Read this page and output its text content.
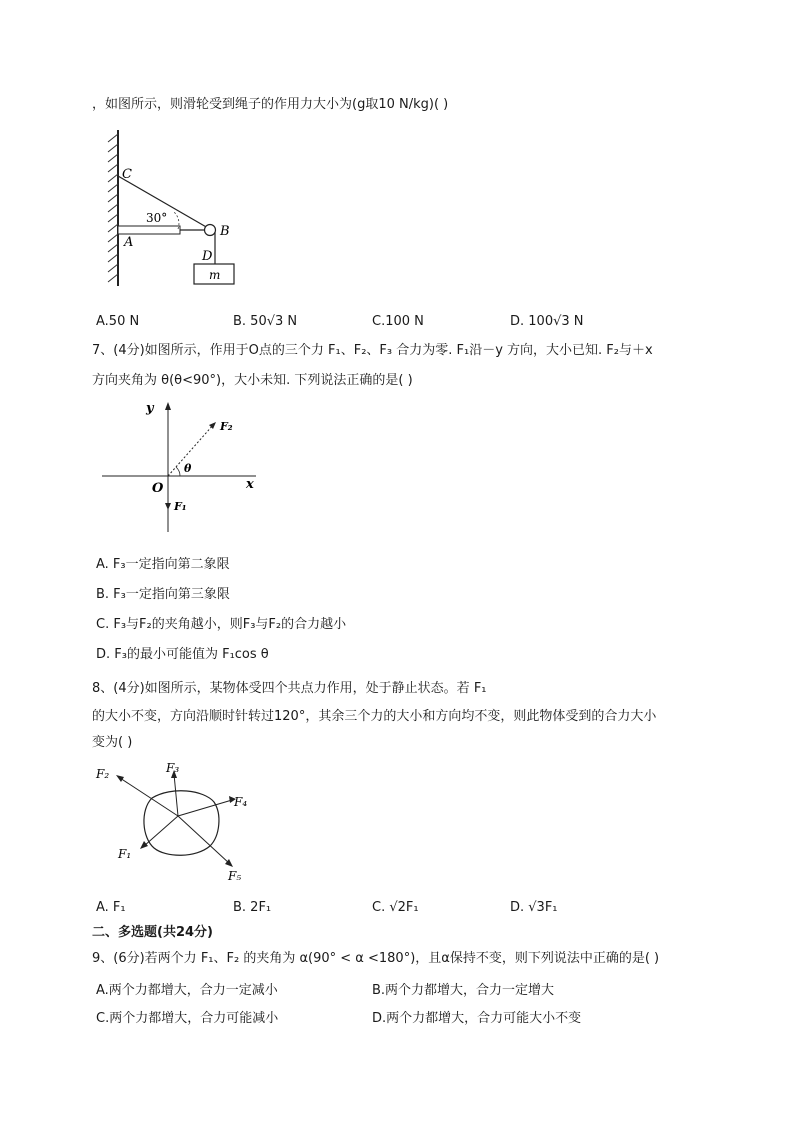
，如图所示，则滑轮受到绳子的作用力大小为(g取10 N/kg)( )
C
A
B
D
m
30°
A.50 N	B. 50√3 N	C.100 N	D. 100√3 N
7、(4分)如图所示，作用于O点的三个力 F₁、F₂、F₃ 合力为零. F₁沿－y 方向，大小已知. F₂与＋x
方向夹角为 θ(θ<90°)，大小未知. 下列说法正确的是( )
y
x
O
θ
F₁
F₂
A. F₃一定指向第二象限
B. F₃一定指向第三象限
C. F₃与F₂的夹角越小，则F₃与F₂的合力越小
D. F₃的最小可能值为 F₁cos θ
8、(4分)如图所示，某物体受四个共点力作用，处于静止状态。若 F₁
的大小不变，方向沿顺时针转过120°，其余三个力的大小和方向均不变，则此物体受到的合力大小
变为( )
F₂	F₃
F₄
F₁
F₅
A. F₁	B. 2F₁	C. √2F₁	D. √3F₁
二、多选题(共24分)
9、(6分)若两个力 F₁、F₂ 的夹角为 α(90° < α <180°)，且α保持不变，则下列说法中正确的是( )
A.两个力都增大，合力一定减小	B.两个力都增大，合力一定增大
C.两个力都增大，合力可能减小	D.两个力都增大，合力可能大小不变
